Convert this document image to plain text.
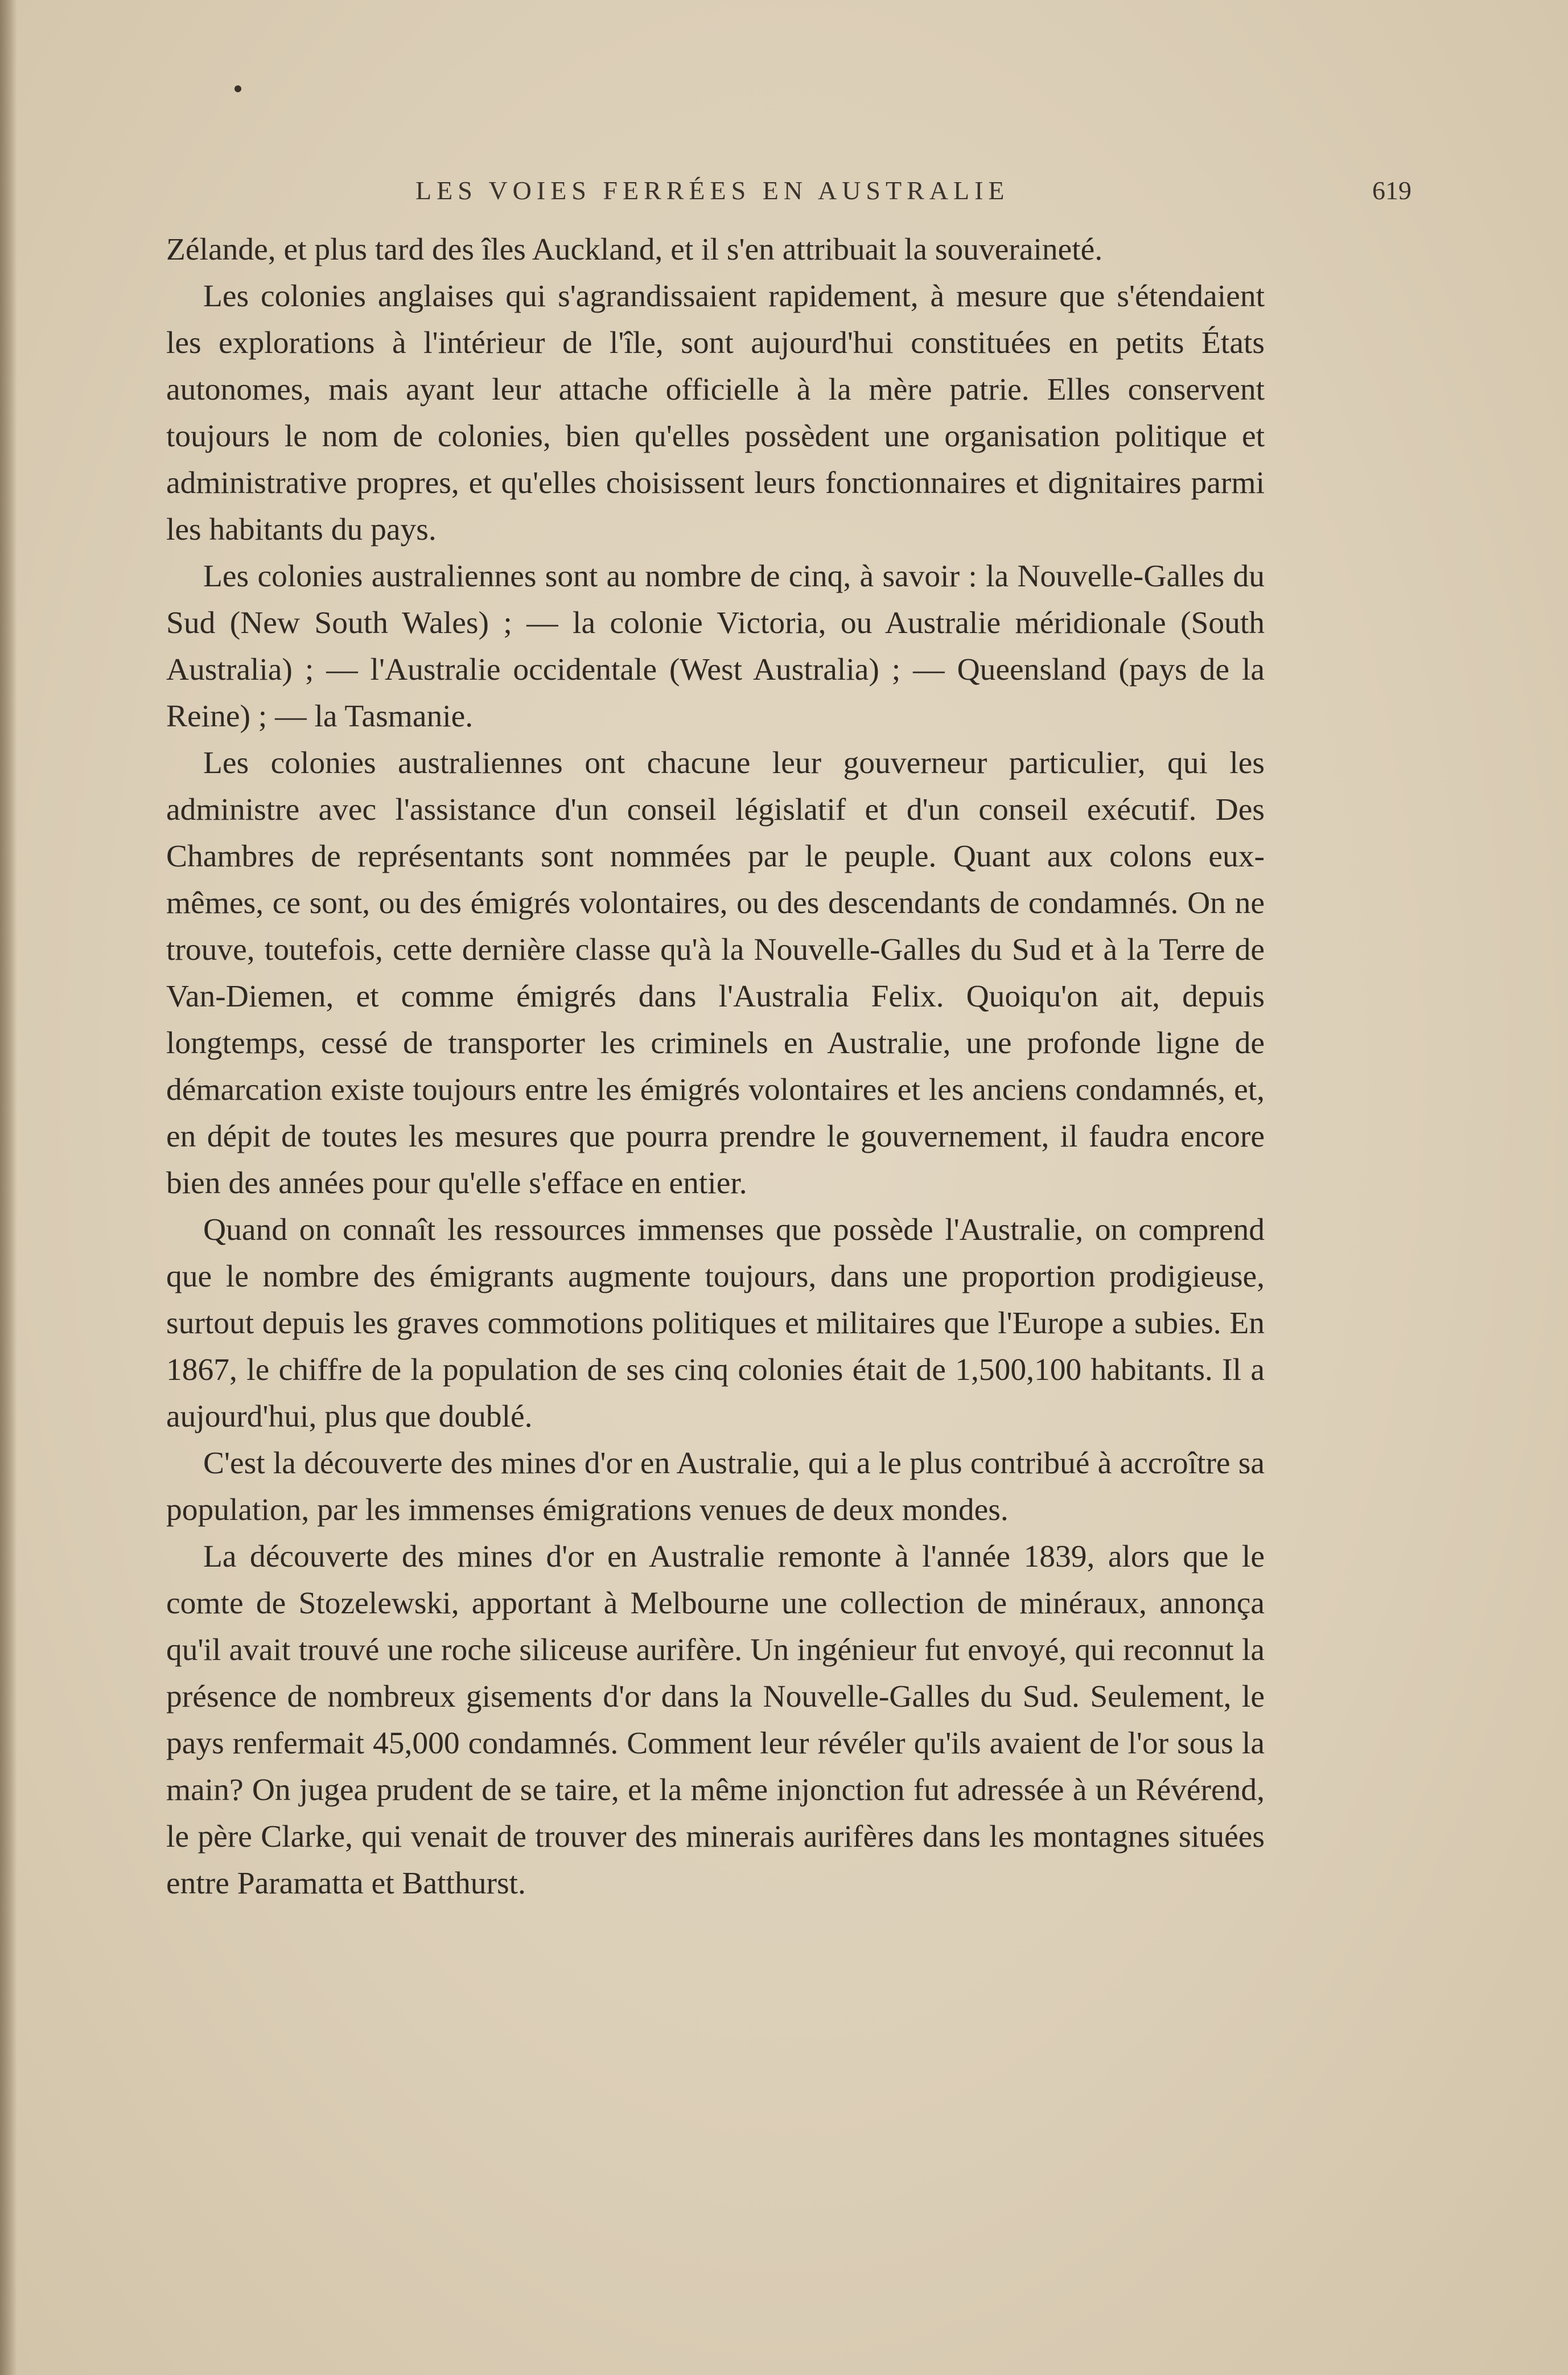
LES VOIES FERRÉES EN AUSTRALIE	619

Zélande, et plus tard des îles Auckland, et il s'en attribuait la souveraineté.

Les colonies anglaises qui s'agrandissaient rapidement, à mesure que s'étendaient les explorations à l'intérieur de l'île, sont aujourd'hui constituées en petits États autonomes, mais ayant leur attache officielle à la mère patrie. Elles conservent toujours le nom de colonies, bien qu'elles possèdent une organisation politique et administrative propres, et qu'elles choisissent leurs fonctionnaires et dignitaires parmi les habitants du pays.

Les colonies australiennes sont au nombre de cinq, à savoir : la Nouvelle-Galles du Sud (New South Wales) ; — la colonie Victoria, ou Australie méridionale (South Australia) ; — l'Australie occidentale (West Australia) ; — Queensland (pays de la Reine) ; — la Tasmanie.

Les colonies australiennes ont chacune leur gouverneur particulier, qui les administre avec l'assistance d'un conseil législatif et d'un conseil exécutif. Des Chambres de représentants sont nommées par le peuple. Quant aux colons eux-mêmes, ce sont, ou des émigrés volontaires, ou des descendants de condamnés. On ne trouve, toutefois, cette dernière classe qu'à la Nouvelle-Galles du Sud et à la Terre de Van-Diemen, et comme émigrés dans l'Australia Felix. Quoiqu'on ait, depuis longtemps, cessé de transporter les criminels en Australie, une profonde ligne de démarcation existe toujours entre les émigrés volontaires et les anciens condamnés, et, en dépit de toutes les mesures que pourra prendre le gouvernement, il faudra encore bien des années pour qu'elle s'efface en entier.

Quand on connaît les ressources immenses que possède l'Australie, on comprend que le nombre des émigrants augmente toujours, dans une proportion prodigieuse, surtout depuis les graves commotions politiques et militaires que l'Europe a subies. En 1867, le chiffre de la population de ses cinq colonies était de 1,500,100 habitants. Il a aujourd'hui, plus que doublé.

C'est la découverte des mines d'or en Australie, qui a le plus contribué à accroître sa population, par les immenses émigrations venues de deux mondes.

La découverte des mines d'or en Australie remonte à l'année 1839, alors que le comte de Stozelewski, apportant à Melbourne une collection de minéraux, annonça qu'il avait trouvé une roche siliceuse aurifère. Un ingénieur fut envoyé, qui reconnut la présence de nombreux gisements d'or dans la Nouvelle-Galles du Sud. Seulement, le pays renfermait 45,000 condamnés. Comment leur révéler qu'ils avaient de l'or sous la main? On jugea prudent de se taire, et la même injonction fut adressée à un Révérend, le père Clarke, qui venait de trouver des minerais aurifères dans les montagnes situées entre Paramatta et Batthurst.
